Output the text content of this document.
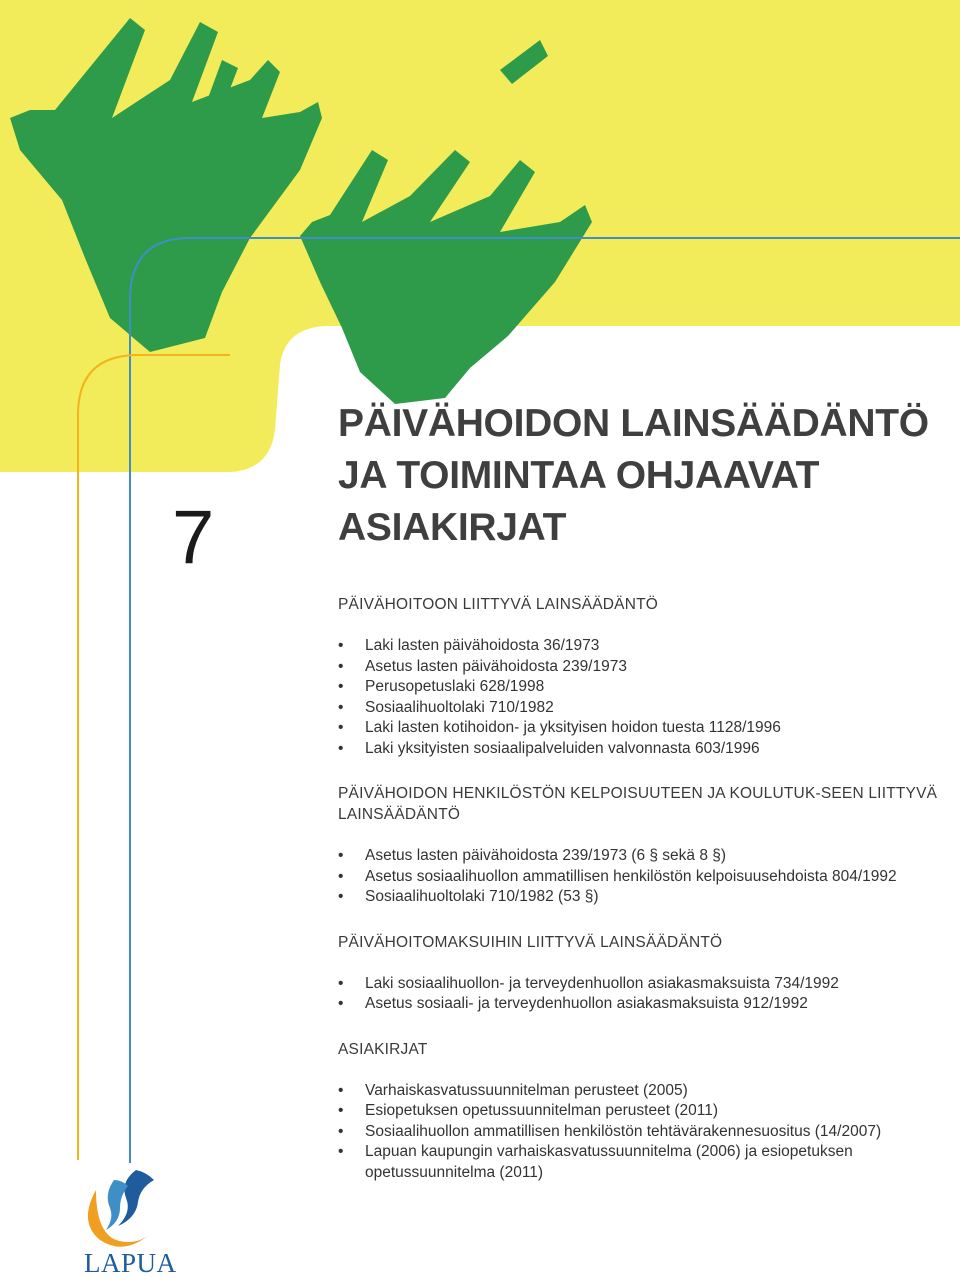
7
PÄIVÄHOIDON LAINSÄÄDÄNTÖ
JA TOIMINTAA OHJAAVAT
ASIAKIRJAT
PÄIVÄHOITOON LIITTYVÄ LAINSÄÄDÄNTÖ
• Laki lasten päivähoidosta 36/1973
• Asetus lasten päivähoidosta 239/1973
• Perusopetuslaki 628/1998
• Sosiaalihuoltolaki 710/1982
• Laki lasten kotihoidon- ja yksityisen hoidon tuesta 1128/1996
• Laki yksityisten sosiaalipalveluiden valvonnasta 603/1996
PÄIVÄHOIDON HENKILÖSTÖN KELPOISUUTEEN JA KOULUTUK-SEEN LIITTYVÄ LAINSÄÄDÄNTÖ
• Asetus lasten päivähoidosta 239/1973 (6 § sekä 8 §)
• Asetus sosiaalihuollon ammatillisen henkilöstön kelpoisuusehdoista 804/1992
• Sosiaalihuoltolaki 710/1982 (53 §)
PÄIVÄHOITOMAKSUIHIN LIITTYVÄ LAINSÄÄDÄNTÖ
• Laki sosiaalihuollon- ja terveydenhuollon asiakasmaksuista 734/1992
• Asetus sosiaali- ja terveydenhuollon asiakasmaksuista 912/1992
ASIAKIRJAT
• Varhaiskasvatussuunnitelman perusteet (2005)
• Esiopetuksen opetussuunnitelman perusteet (2011)
• Sosiaalihuollon ammatillisen henkilöstön tehtävärakennesuositus (14/2007)
• Lapuan kaupungin varhaiskasvatussuunnitelma (2006) ja esiopetuksen opetussuunnitelma (2011)
LAPUA
